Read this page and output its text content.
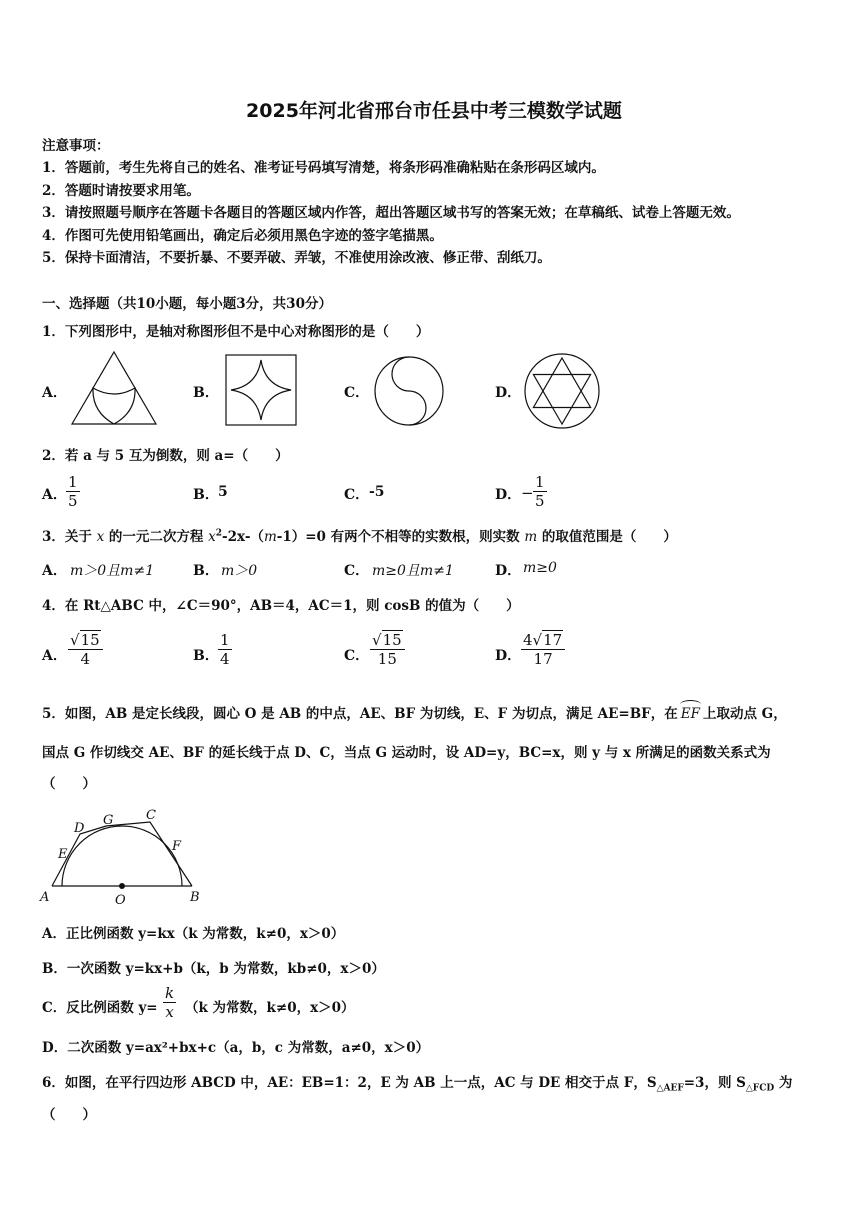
2025年河北省邢台市任县中考三模数学试题
注意事项：
1．答题前，考生先将自己的姓名、准考证号码填写清楚，将条形码准确粘贴在条形码区域内。
2．答题时请按要求用笔。
3．请按照题号顺序在答题卡各题目的答题区域内作答，超出答题区域书写的答案无效；在草稿纸、试卷上答题无效。
4．作图可先使用铅笔画出，确定后必须用黑色字迹的签字笔描黑。
5．保持卡面清洁，不要折暴、不要弄破、弄皱，不准使用涂改液、修正带、刮纸刀。
一、选择题（共10小题，每小题3分，共30分）
1．下列图形中，是轴对称图形但不是中心对称图形的是（　　）
A．	B．	C．	D．
2．若 a 与 5 互为倒数，则 a=（　　）
A． $\frac{1}{5}$	B． 5	C． -5	D． − $\frac{1}{5}$
3．关于 x 的一元二次方程 $x^2-2x-(m-1)=0$ 有两个不相等的实数根，则实数 m 的取值范围是（　　）
A． m＞0且m≠1	B． m＞0	C． m≥0且m≠1	D． m≥0
4．在 Rt△ABC 中，∠C＝90°，AB＝4，AC＝1，则 cosB 的值为（　　）
A． $\frac{√15}{4}$	B． $\frac{1}{4}$	C． $\frac{√15}{15}$	D． $\frac{4√17}{17}$
5．如图，AB 是定长线段，圆心 O 是 AB 的中点，AE、BF 为切线，E、F 为切点，满足 AE=BF，在 EF 上取动点 G，
国点 G 作切线交 AE、BF 的延长线于点 D、C，当点 G 运动时，设 AD=y，BC=x，则 y 与 x 所满足的函数关系式为
（　　）
D
G	C
E
F
A	O	B
A．正比例函数 y=kx（k 为常数，k≠0，x＞0）
B．一次函数 y=kx+b（k，b 为常数，kb≠0，x＞0）
C．反比例函数 $y= \frac{k}{x} (k$ 为常数，k≠0，x＞0）
D．二次函数 y=ax²+bx+c（a，b，c 为常数，a≠0，x＞0）
6．如图，在平行四边形 ABCD 中，AE：EB=1：2，E 为 AB 上一点，AC 与 DE 相交于点 F，$S_{\triangle AEF}=3$，则 $S_{\triangle FCD}$ 为
（　　）
